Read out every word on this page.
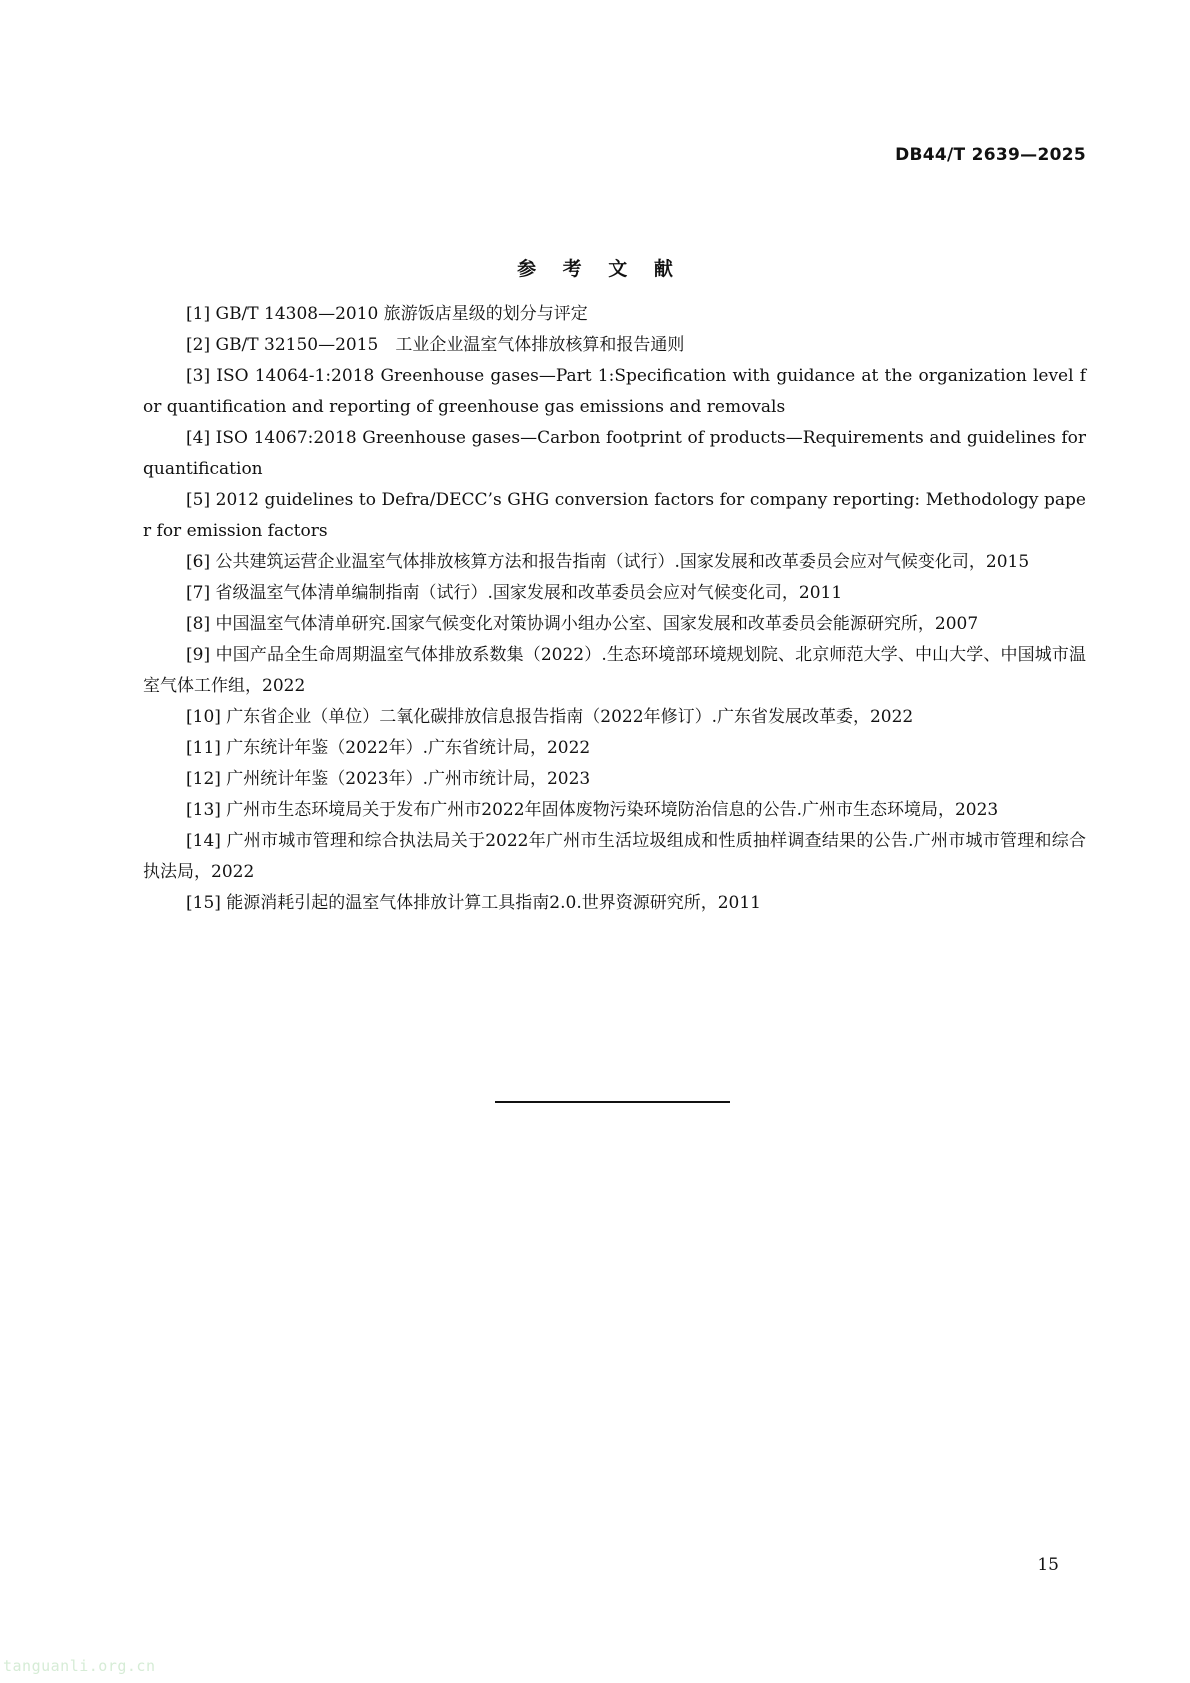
DB44/T 2639—2025
参 考 文 献
[1] GB/T 14308—2010 旅游饭店星级的划分与评定
[2] GB/T 32150—2015　工业企业温室气体排放核算和报告通则
[3] ISO 14064-1:2018 Greenhouse gases—Part 1:Specification with guidance at the organization level for quantification and reporting of greenhouse gas emissions and removals
[4] ISO 14067:2018 Greenhouse gases—Carbon footprint of products—Requirements and guidelines for quantification
[5] 2012 guidelines to Defra/DECC’s GHG conversion factors for company reporting: Methodology paper for emission factors
[6] 公共建筑运营企业温室气体排放核算方法和报告指南（试行）.国家发展和改革委员会应对气候变化司，2015
[7] 省级温室气体清单编制指南（试行）.国家发展和改革委员会应对气候变化司，2011
[8] 中国温室气体清单研究.国家气候变化对策协调小组办公室、国家发展和改革委员会能源研究所，2007
[9] 中国产品全生命周期温室气体排放系数集（2022）.生态环境部环境规划院、北京师范大学、中山大学、中国城市温室气体工作组，2022
[10] 广东省企业（单位）二氧化碳排放信息报告指南（2022年修订）.广东省发展改革委，2022
[11] 广东统计年鉴（2022年）.广东省统计局，2022
[12] 广州统计年鉴（2023年）.广州市统计局，2023
[13] 广州市生态环境局关于发布广州市2022年固体废物污染环境防治信息的公告.广州市生态环境局，2023
[14] 广州市城市管理和综合执法局关于2022年广州市生活垃圾组成和性质抽样调查结果的公告.广州市城市管理和综合执法局，2022
[15] 能源消耗引起的温室气体排放计算工具指南2.0.世界资源研究所，2011
15
tanguanli.org.cn
